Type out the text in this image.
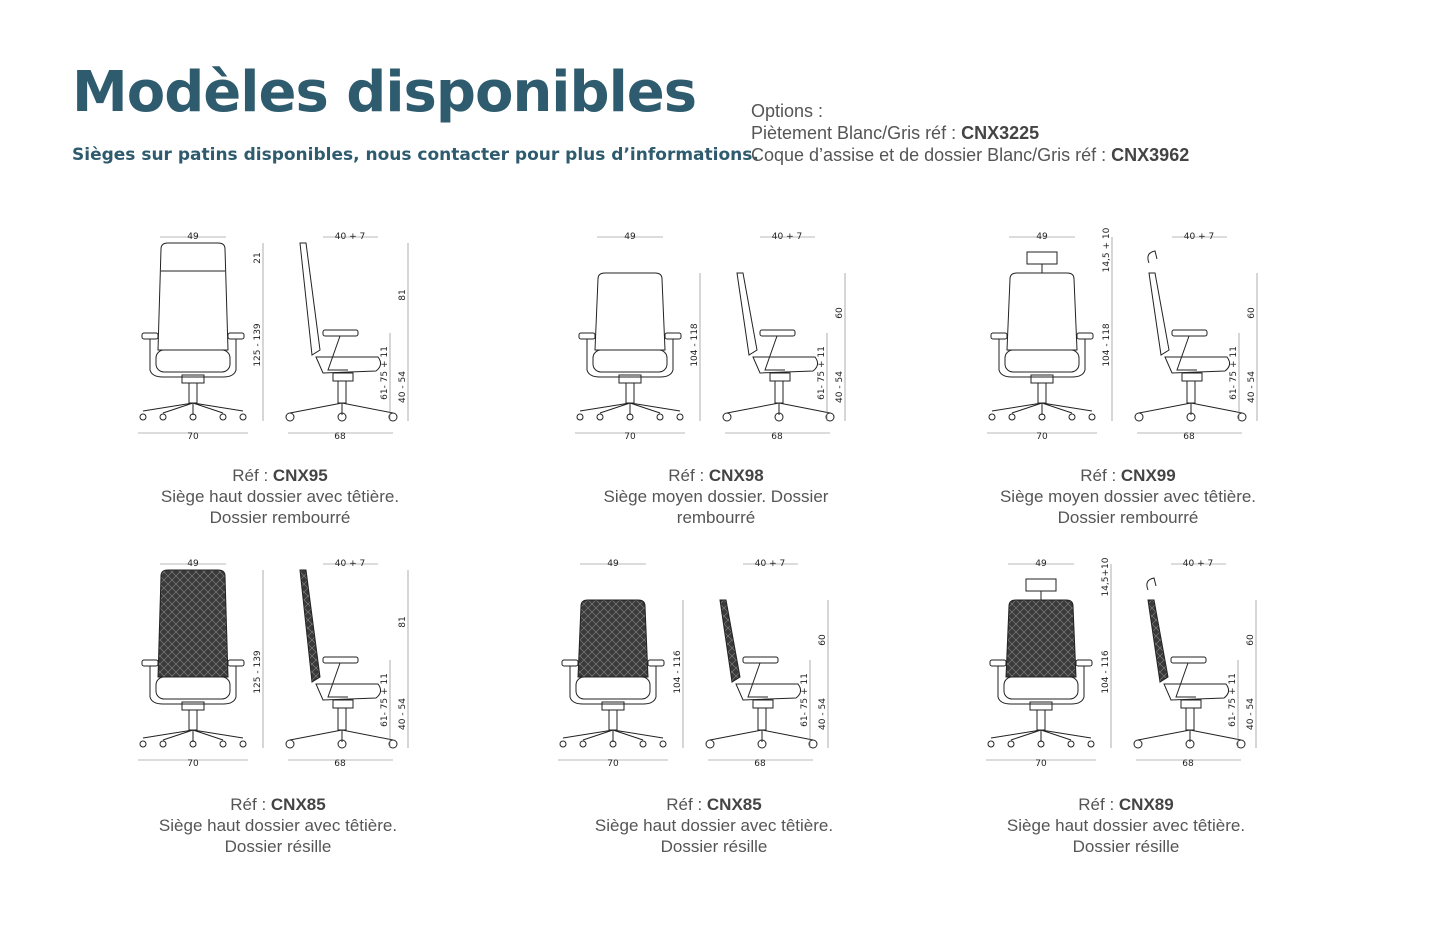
Modèles disponibles
Sièges sur patins disponibles, nous contacter pour plus d’informations.
Options :
Piètement Blanc/Gris réf : CNX3225
Coque d’assise et de dossier Blanc/Gris réf : CNX3962
49
70
21
125 - 139
40 + 7
68
81
61- 75 + 11 40 - 54
Réf : CNX95
Siège haut dossier avec têtière.
Dossier rembourré
49
70
104 - 118
40 + 7
68
60
61- 75 + 11 40 - 54
Réf : CNX98
Siège moyen dossier. Dossier
rembourré
49
70
14,5 + 10
104 - 118
40 + 7
68
60
61- 75 + 11 40 - 54
Réf : CNX99
Siège moyen dossier avec têtière.
Dossier rembourré
49
70
125 - 139
40 + 7
68
81
61- 75 + 11 40 - 54
Réf : CNX85
Siège haut dossier avec têtière.
Dossier résille
49
70
104 - 116
40 + 7
68
60
61- 75 + 11 40 - 54
Réf : CNX85
Siège haut dossier avec têtière.
Dossier résille
49
70
14,5+10
104 - 116
40 + 7
68
60
61- 75 + 11 40 - 54
Réf : CNX89
Siège haut dossier avec têtière.
Dossier résille
